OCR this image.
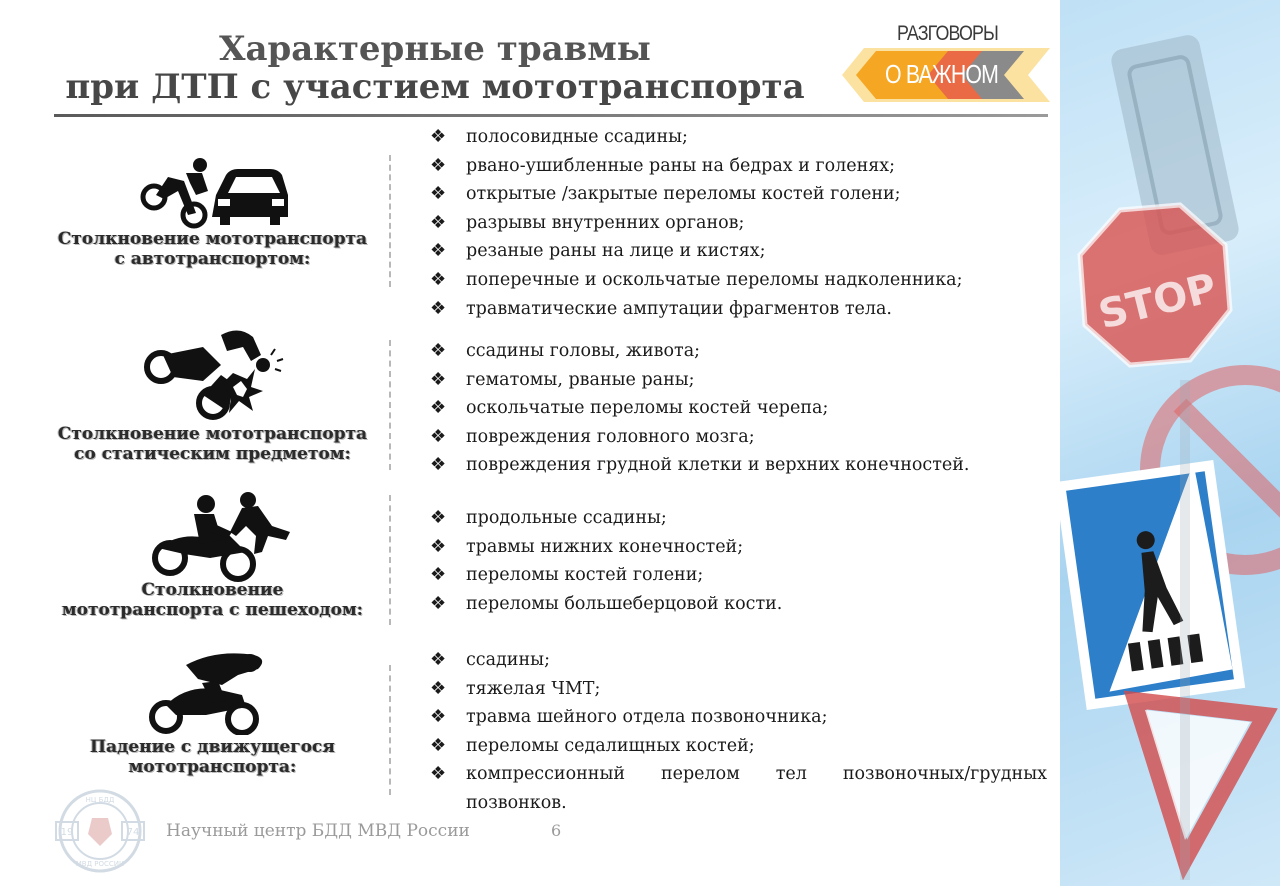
STOP
Характерные травмы
при ДТП с участием мототранспорта
РАЗГОВОРЫ
О ВАЖНОМ
Столкновение мототранспорта
с автотранспортом:
❖ полосовидные ссадины;
❖ рвано-ушибленные раны на бедрах и голенях;
❖ открытые /закрытые переломы костей голени;
❖ разрывы внутренних органов;
❖ резаные раны на лице и кистях;
❖ поперечные и оскольчатые переломы надколенника;
❖ травматические ампутации фрагментов тела.
Столкновение мототранспорта
со статическим предметом:
❖ ссадины головы, живота;
❖ гематомы, рваные раны;
❖ оскольчатые переломы костей черепа;
❖ повреждения головного мозга;
❖ повреждения грудной клетки и верхних конечностей.
Столкновение
мототранспорта с пешеходом:
❖ продольные ссадины;
❖ травмы нижних конечностей;
❖ переломы костей голени;
❖ переломы большеберцовой кости.
Падение с движущегося
мототранспорта:
❖ ссадины;
❖ тяжелая ЧМТ;
❖ травма шейного отдела позвоночника;
❖ переломы седалищных костей;
❖ компрессионный перелом тел позвоночных/грудных
позвонков.
НЦ БДД
19	74
МВД РОССИИ
Научный центр БДД МВД России	6
